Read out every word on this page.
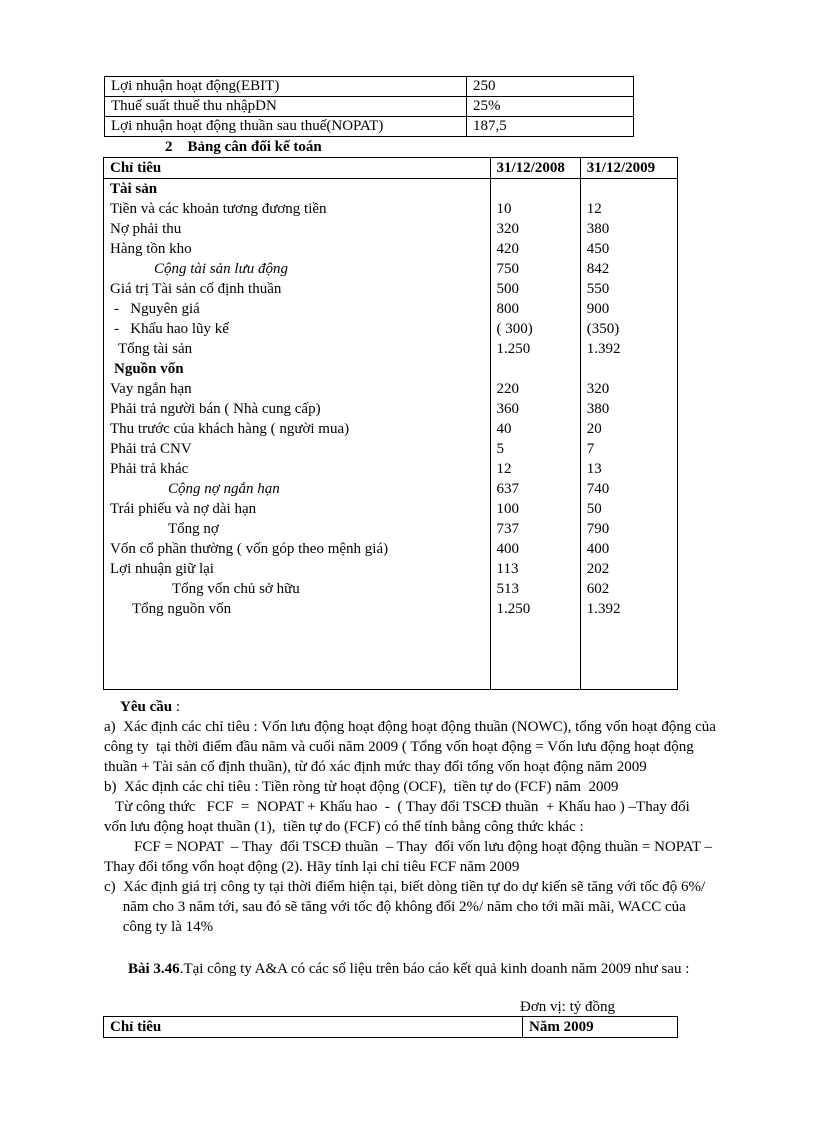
Lợi nhuận hoạt động(EBIT)	250
Thuế suất thuế thu nhậpDN	25%
Lợi nhuận hoạt động thuần sau thuế(NOPAT)	187,5
2 Bảng cân đối kế toán
Chỉ tiêu	31/12/2008	31/12/2009
Tài sản		
Tiền và các khoản tương đương tiền	10	12
Nợ phải thu	320	380
Hàng tồn kho	420	450
Cộng tài sản lưu động	750	842
Giá trị Tài sản cố định thuần	500	550
-   Nguyên giá	800	900
-   Khấu hao lũy kế	( 300)	(350)
Tổng tài sản	1.250	1.392
Nguồn vốn		
Vay ngắn hạn	220	320
Phải trả người bán ( Nhà cung cấp)	360	380
Thu trước của khách hàng ( người mua)	40	20
Phải trả CNV	5	7
Phải trả khác	12	13
Cộng nợ ngắn hạn	637	740
Trái phiếu và nợ dài hạn	100	50
Tổng nợ	737	790
Vốn cổ phần thường ( vốn góp theo mệnh giá)	400	400
Lợi nhuận giữ lại	113	202
Tổng vốn chủ sở hữu	513	602
Tổng nguồn vốn	1.250	1.392

Yêu cầu :
a)  Xác định các chỉ tiêu : Vốn lưu động hoạt động hoạt động thuần (NOWC), tổng vốn hoạt động của
công ty  tại thời điểm đầu năm và cuối năm 2009 ( Tổng vốn hoạt động = Vốn lưu động hoạt động
thuần + Tài sản cố định thuần), từ đó xác định mức thay đổi tổng vốn hoạt động năm 2009
b)  Xác định các chỉ tiêu : Tiền ròng từ hoạt động (OCF),  tiền tự do (FCF) năm  2009
Từ công thức   FCF  =  NOPAT + Khấu hao  -  ( Thay đổi TSCĐ thuần  + Khấu hao ) –Thay đổi
vốn lưu động hoạt thuần (1),  tiền tự do (FCF) có thể tính bằng công thức khác :
FCF = NOPAT  – Thay  đổi TSCĐ thuần  – Thay  đổi vốn lưu động hoạt động thuần = NOPAT –
Thay đổi tổng vốn hoạt động (2). Hãy tính lại chỉ tiêu FCF năm 2009
c)  Xác định giá trị công ty tại thời điểm hiện tại, biết dòng tiền tự do dự kiến sẽ tăng với tốc độ 6%/
năm cho 3 năm tới, sau đó sẽ tăng với tốc độ không đổi 2%/ năm cho tới mãi mãi, WACC của
công ty là 14%
Bài 3.46.Tại công ty A&A có các số liệu trên báo cáo kết quả kinh doanh năm 2009 như sau :
Đơn vị: tỷ đồng
Chỉ tiêu	Năm 2009
